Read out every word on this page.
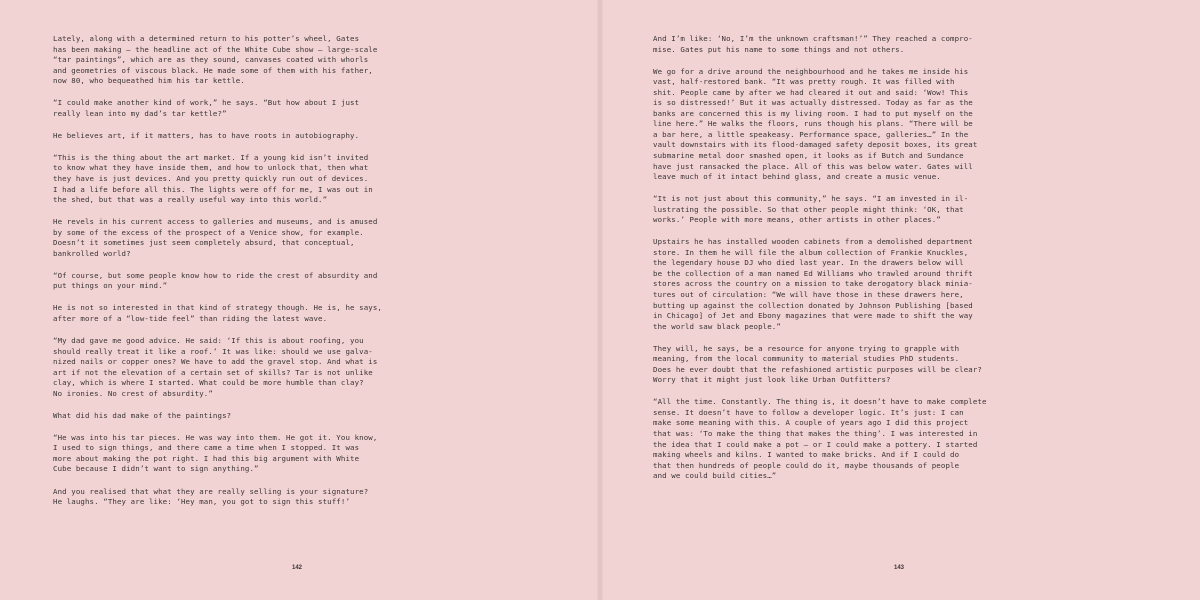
Lately, along with a determined return to his potter’s wheel, Gates
has been making – the headline act of the White Cube show – large-scale
“tar paintings”, which are as they sound, canvases coated with whorls
and geometries of viscous black. He made some of them with his father,
now 80, who bequeathed him his tar kettle.

“I could make another kind of work,” he says. “But how about I just
really lean into my dad’s tar kettle?”

He believes art, if it matters, has to have roots in autobiography.

“This is the thing about the art market. If a young kid isn’t invited
to know what they have inside them, and how to unlock that, then what
they have is just devices. And you pretty quickly run out of devices.
I had a life before all this. The lights were off for me, I was out in
the shed, but that was a really useful way into this world.”

He revels in his current access to galleries and museums, and is amused
by some of the excess of the prospect of a Venice show, for example.
Doesn’t it sometimes just seem completely absurd, that conceptual,
bankrolled world?

“Of course, but some people know how to ride the crest of absurdity and
put things on your mind.”

He is not so interested in that kind of strategy though. He is, he says,
after more of a “low-tide feel” than riding the latest wave.

“My dad gave me good advice. He said: ‘If this is about roofing, you
should really treat it like a roof.’ It was like: should we use galva-
nized nails or copper ones? We have to add the gravel stop. And what is
art if not the elevation of a certain set of skills? Tar is not unlike
clay, which is where I started. What could be more humble than clay?
No ironies. No crest of absurdity.”

What did his dad make of the paintings?

“He was into his tar pieces. He was way into them. He got it. You know,
I used to sign things, and there came a time when I stopped. It was
more about making the pot right. I had this big argument with White
Cube because I didn’t want to sign anything.”

And you realised that what they are really selling is your signature?
He laughs. “They are like: ‘Hey man, you got to sign this stuff!’

142

And I’m like: ‘No, I’m the unknown craftsman!’” They reached a compro-
mise. Gates put his name to some things and not others.

We go for a drive around the neighbourhood and he takes me inside his
vast, half-restored bank. “It was pretty rough. It was filled with
shit. People came by after we had cleared it out and said: ‘Wow! This
is so distressed!’ But it was actually distressed. Today as far as the
banks are concerned this is my living room. I had to put myself on the
line here.” He walks the floors, runs though his plans. “There will be
a bar here, a little speakeasy. Performance space, galleries…” In the
vault downstairs with its flood-damaged safety deposit boxes, its great
submarine metal door smashed open, it looks as if Butch and Sundance
have just ransacked the place. All of this was below water. Gates will
leave much of it intact behind glass, and create a music venue.

“It is not just about this community,” he says. “I am invested in il-
lustrating the possible. So that other people might think: ‘OK, that
works.’ People with more means, other artists in other places.”

Upstairs he has installed wooden cabinets from a demolished department
store. In them he will file the album collection of Frankie Knuckles,
the legendary house DJ who died last year. In the drawers below will
be the collection of a man named Ed Williams who trawled around thrift
stores across the country on a mission to take derogatory black minia-
tures out of circulation: “We will have those in these drawers here,
butting up against the collection donated by Johnson Publishing [based
in Chicago] of Jet and Ebony magazines that were made to shift the way
the world saw black people.”

They will, he says, be a resource for anyone trying to grapple with
meaning, from the local community to material studies PhD students.
Does he ever doubt that the refashioned artistic purposes will be clear?
Worry that it might just look like Urban Outfitters?

“All the time. Constantly. The thing is, it doesn’t have to make complete
sense. It doesn’t have to follow a developer logic. It’s just: I can
make some meaning with this. A couple of years ago I did this project
that was: ‘To make the thing that makes the thing’. I was interested in
the idea that I could make a pot – or I could make a pottery. I started
making wheels and kilns. I wanted to make bricks. And if I could do
that then hundreds of people could do it, maybe thousands of people
and we could build cities…”

143
